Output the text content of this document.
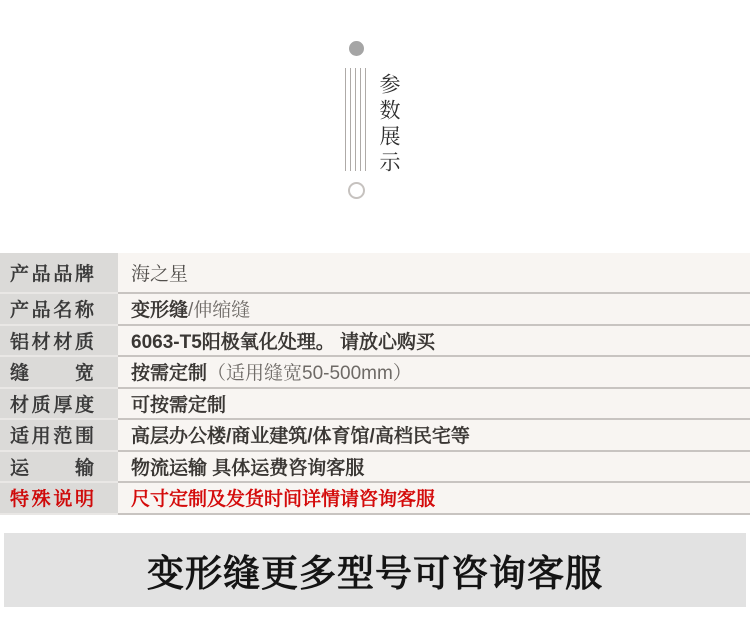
参数展示
产品品牌 海之星
产品名称 变形缝 /伸缩缝
铝材材质 6063-T5阳极氧化处理。 请放心购买
缝 宽 按需定制 （适用缝宽50-500mm）
材质厚度 可按需定制
适用范围 高层办公楼/商业建筑/体育馆/高档民宅等
运 输 物流运输 具体运费咨询客服
特殊说明 尺寸定制及发货时间详情请咨询客服
变形缝更多型号可咨询客服
